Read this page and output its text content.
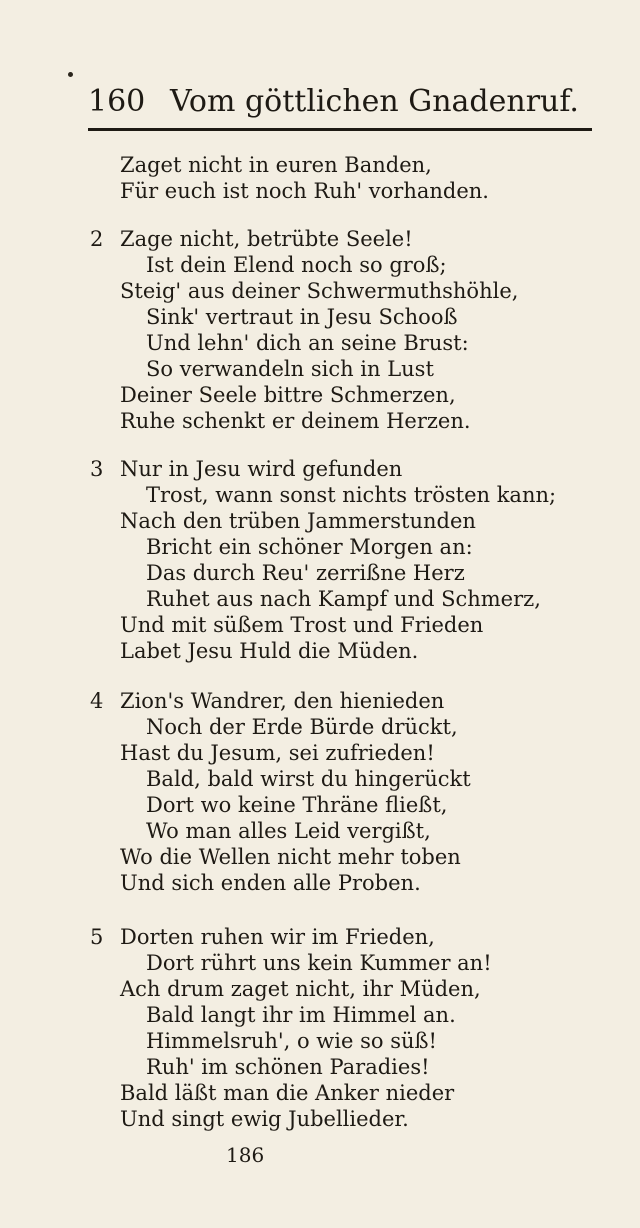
160 Vom göttlichen Gnadenruf.
Zaget nicht in euren Banden,
Für euch ist noch Ruh' vorhanden.
2 Zage nicht, betrübte Seele!
Ist dein Elend noch so groß;
Steig' aus deiner Schwermuthshöhle,
Sink' vertraut in Jesu Schooß
Und lehn' dich an seine Brust:
So verwandeln sich in Lust
Deiner Seele bittre Schmerzen,
Ruhe schenkt er deinem Herzen.
3 Nur in Jesu wird gefunden
Trost, wann sonst nichts trösten kann;
Nach den trüben Jammerstunden
Bricht ein schöner Morgen an:
Das durch Reu' zerrißne Herz
Ruhet aus nach Kampf und Schmerz,
Und mit süßem Trost und Frieden
Labet Jesu Huld die Müden.
4 Zion's Wandrer, den hienieden
Noch der Erde Bürde drückt,
Hast du Jesum, sei zufrieden!
Bald, bald wirst du hingerückt
Dort wo keine Thräne fließt,
Wo man alles Leid vergißt,
Wo die Wellen nicht mehr toben
Und sich enden alle Proben.
5 Dorten ruhen wir im Frieden,
Dort rührt uns kein Kummer an!
Ach drum zaget nicht, ihr Müden,
Bald langt ihr im Himmel an.
Himmelsruh', o wie so süß!
Ruh' im schönen Paradies!
Bald läßt man die Anker nieder
Und singt ewig Jubellieder.
186
